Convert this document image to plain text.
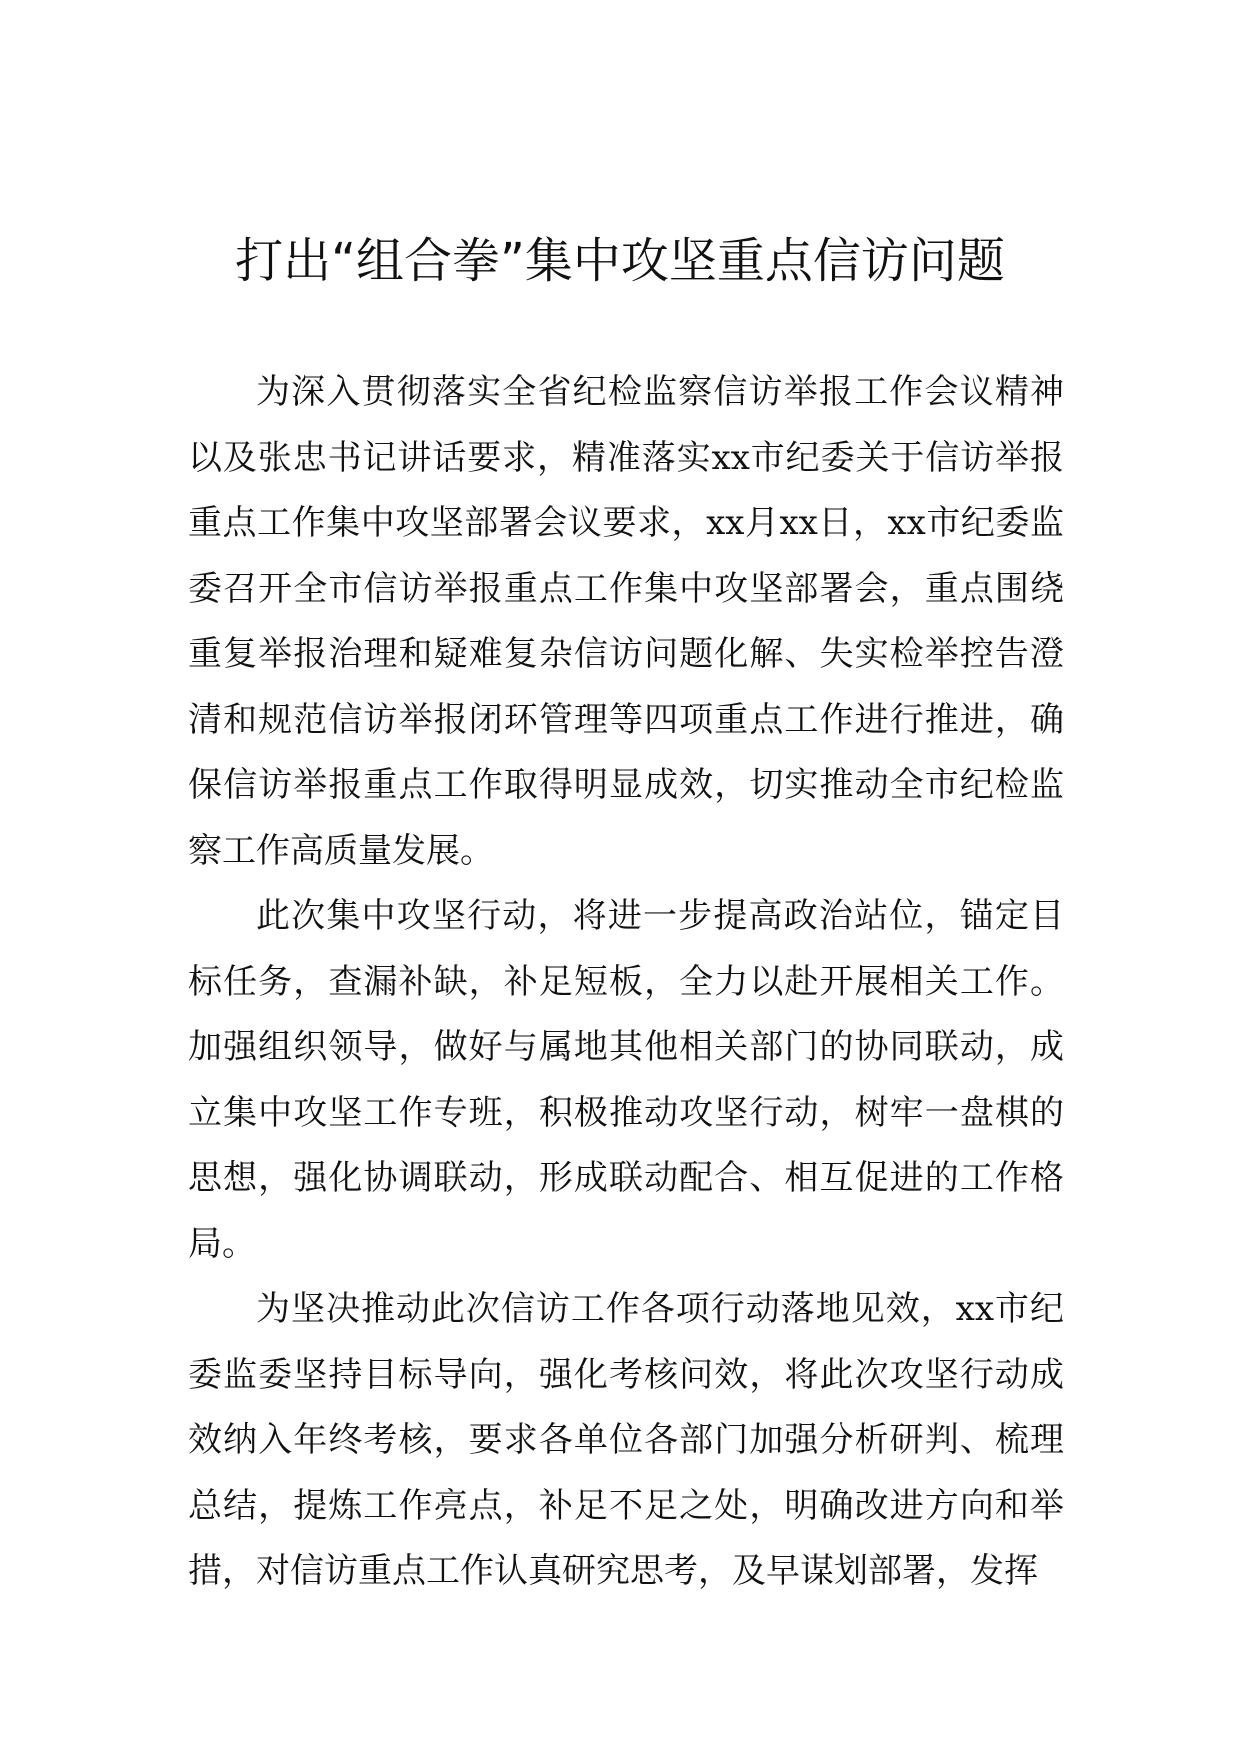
打出“组合拳”集中攻坚重点信访问题

为深入贯彻落实全省纪检监察信访举报工作会议精神以及张忠书记讲话要求，精准落实xx市纪委关于信访举报重点工作集中攻坚部署会议要求，xx月xx日，xx市纪委监委召开全市信访举报重点工作集中攻坚部署会，重点围绕重复举报治理和疑难复杂信访问题化解、失实检举控告澄清和规范信访举报闭环管理等四项重点工作进行推进，确保信访举报重点工作取得明显成效，切实推动全市纪检监察工作高质量发展。

此次集中攻坚行动，将进一步提高政治站位，锚定目标任务，查漏补缺，补足短板，全力以赴开展相关工作。加强组织领导，做好与属地其他相关部门的协同联动，成立集中攻坚工作专班，积极推动攻坚行动，树牢一盘棋的思想，强化协调联动，形成联动配合、相互促进的工作格局。

为坚决推动此次信访工作各项行动落地见效，xx市纪委监委坚持目标导向，强化考核问效，将此次攻坚行动成效纳入年终考核，要求各单位各部门加强分析研判、梳理总结，提炼工作亮点，补足不足之处，明确改进方向和举措，对信访重点工作认真研究思考，及早谋划部署，发挥
